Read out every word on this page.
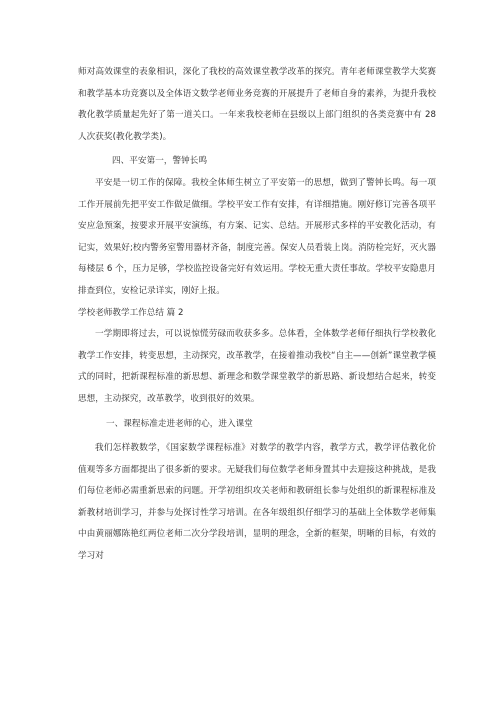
师对高效课堂的表象相识，深化了我校的高效课堂教学改革的探究。青年老师课堂教学大奖赛和教学基本功竞赛以及全体语文数学老师业务竞赛的开展提升了老师自身的素养，为提升我校教化教学质量起先好了第一道关口。一年来我校老师在县级以上部门组织的各类竞赛中有 28 人次获奖(教化教学类)。

四、平安第一，警钟长鸣

平安是一切工作的保障。我校全体师生树立了平安第一的思想，做到了警钟长鸣。每一项工作开展前先把平安工作做足做细。学校平安工作有安排，有详细措施。刚好修订完善各项平安应急预案，按要求开展平安演练，有方案、记实、总结。开展形式多样的平安教化活动，有记实，效果好;校内警务室警用器材齐备，制度完善。保安人员看装上岗。消防栓完好，灭火器每楼层 6 个，压力足够，学校监控设备完好有效运用。学校无重大责任事故。学校平安隐患月排查到位，安检记录详实，刚好上报。

学校老师教学工作总结 篇 2

一学期即将过去，可以说惊慌劳碌而收获多多。总体看，全体数学老师仔细执行学校教化教学工作安排，转变思想，主动探究，改革教学，在接着推动我校“自主——创新”课堂教学模式的同时，把新课程标准的新思想、新理念和数学课堂教学的新思路、新设想结合起来，转变思想，主动探究，改革教学，收到很好的效果。

一、课程标准走进老师的心，进入课堂

我们怎样教数学，《国家数学课程标准》对数学的教学内容，教学方式，教学评估教化价值观等多方面都提出了很多新的要求。无疑我们每位数学老师身置其中去迎接这种挑战，是我们每位老师必需重新思索的问题。开学初组织攻关老师和教研组长参与处组织的新课程标准及新教材培训学习，并参与处探讨性学习培训。在各年级组织仔细学习的基础上全体数学老师集中由黄丽娜陈艳红两位老师二次分学段培训，显明的理念，全新的框架，明晰的目标，有效的学习对
